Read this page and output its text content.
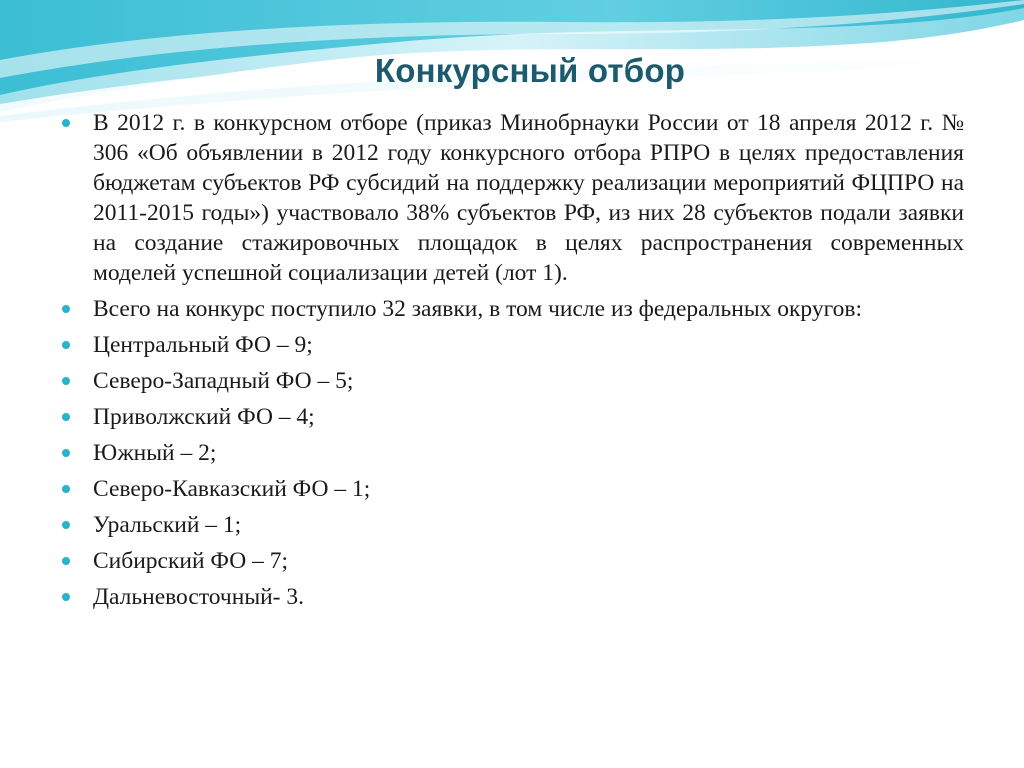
Конкурсный отбор
В 2012 г. в конкурсном отборе (приказ Минобрнауки России от 18 апреля 2012 г. № 306 «Об объявлении в 2012 году конкурсного отбора РПРО в целях предоставления бюджетам субъектов РФ субсидий на поддержку реализации мероприятий ФЦПРО на 2011-2015 годы») участвовало 38% субъектов РФ, из них 28 субъектов подали заявки на создание стажировочных площадок в целях распространения современных моделей успешной социализации детей (лот 1).
Всего на конкурс поступило 32 заявки, в том числе из федеральных округов:
Центральный ФО – 9;
Северо-Западный ФО – 5;
Приволжский ФО – 4;
Южный – 2;
Северо-Кавказский ФО – 1;
Уральский – 1;
Сибирский ФО – 7;
Дальневосточный- 3.
